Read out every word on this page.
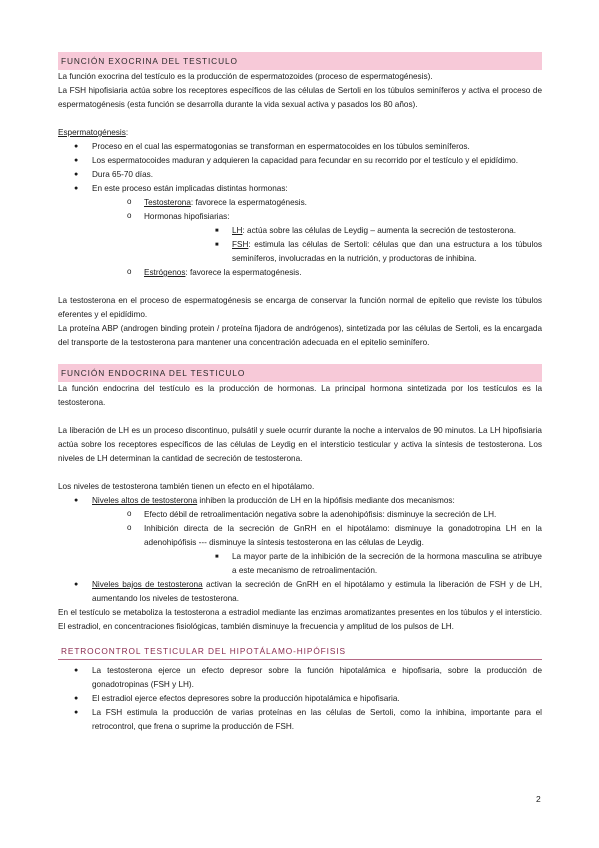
FUNCIÓN EXOCRINA DEL TESTICULO

La función exocrina del testículo es la producción de espermatozoides (proceso de espermatogénesis).

La FSH hipofisiaria actúa sobre los receptores específicos de las células de Sertoli en los túbulos seminíferos y activa el proceso de espermatogénesis (esta función se desarrolla durante la vida sexual activa y pasados los 80 años).

Espermatogénesis:

● Proceso en el cual las espermatogonias se transforman en espermatocoides en los túbulos seminíferos.
● Los espermatocoides maduran y adquieren la capacidad para fecundar en su recorrido por el testículo y el epidídimo.
● Dura 65-70 días.
● En este proceso están implicadas distintas hormonas:
o Testosterona: favorece la espermatogénesis.
o Hormonas hipofisiarias:
■ LH: actúa sobre las células de Leydig – aumenta la secreción de testosterona.
■ FSH: estimula las células de Sertoli: células que dan una estructura a los túbulos seminíferos, involucradas en la nutrición, y productoras de inhibina.
o Estrógenos: favorece la espermatogénesis.

La testosterona en el proceso de espermatogénesis se encarga de conservar la función normal de epitelio que reviste los túbulos eferentes y el epidídimo.

La proteína ABP (androgen binding protein / proteína fijadora de andrógenos), sintetizada por las células de Sertoli, es la encargada del transporte de la testosterona para mantener una concentración adecuada en el epitelio seminífero.

FUNCIÓN ENDOCRINA DEL TESTICULO

La función endocrina del testículo es la producción de hormonas. La principal hormona sintetizada por los testículos es la testosterona.

La liberación de LH es un proceso discontinuo, pulsátil y suele ocurrir durante la noche a intervalos de 90 minutos. La LH hipofisiaria actúa sobre los receptores específicos de las células de Leydig en el intersticio testicular y activa la síntesis de testosterona. Los niveles de LH determinan la cantidad de secreción de testosterona.

Los niveles de testosterona también tienen un efecto en el hipotálamo.

● Niveles altos de testosterona inhiben la producción de LH en la hipófisis mediante dos mecanismos:
o Efecto débil de retroalimentación negativa sobre la adenohipófisis: disminuye la secreción de LH.
o Inhibición directa de la secreción de GnRH en el hipotálamo: disminuye la gonadotropina LH en la adenohipófisis --- disminuye la síntesis testosterona en las células de Leydig.
■ La mayor parte de la inhibición de la secreción de la hormona masculina se atribuye a este mecanismo de retroalimentación.
● Niveles bajos de testosterona activan la secreción de GnRH en el hipotálamo y estimula la liberación de FSH y de LH, aumentando los niveles de testosterona.

En el testículo se metaboliza la testosterona a estradiol mediante las enzimas aromatizantes presentes en los túbulos y el intersticio. El estradiol, en concentraciones fisiológicas, también disminuye la frecuencia y amplitud de los pulsos de LH.

RETROCONTROL TESTICULAR DEL HIPOTÁLAMO-HIPÓFISIS
● La testosterona ejerce un efecto depresor sobre la función hipotalámica e hipofisaria, sobre la producción de gonadotropinas (FSH y LH).
● El estradiol ejerce efectos depresores sobre la producción hipotalámica e hipofisaria.
● La FSH estimula la producción de varias proteínas en las células de Sertoli, como la inhibina, importante para el retrocontrol, que frena o suprime la producción de FSH.
2
